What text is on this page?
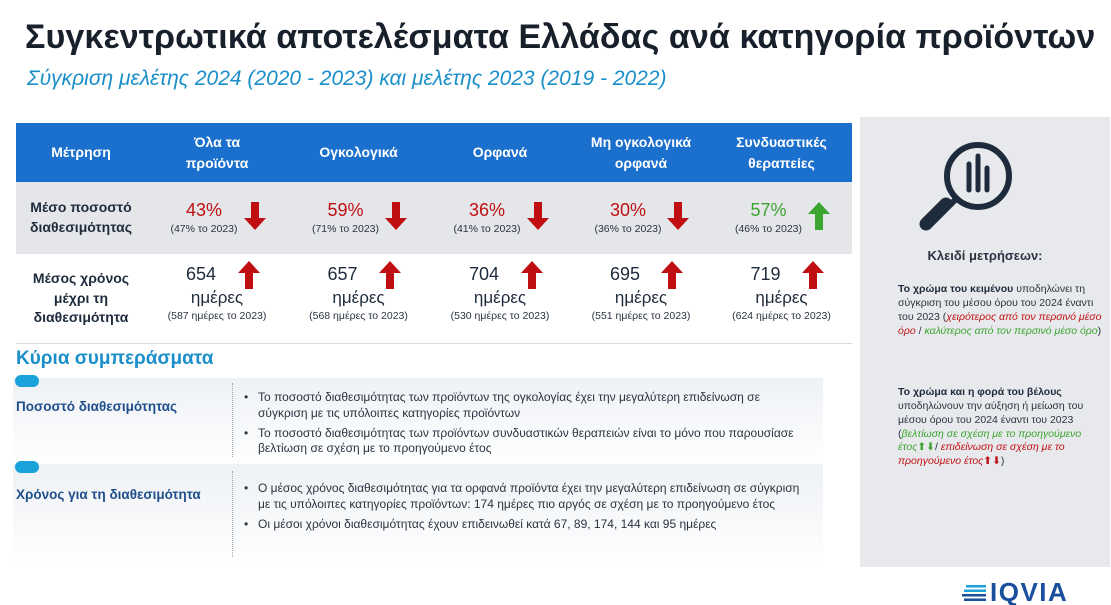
Συγκεντρωτικά αποτελέσματα Ελλάδας ανά κατηγορία προϊόντων
Σύγκριση μελέτης 2024 (2020 - 2023) και μελέτης 2023 (2019 - 2022)
Μέτρηση
Όλα τα
προϊόντα
Ογκολογικά	Ορφανά
Μη ογκολογικά
ορφανά
Συνδυαστικές
θεραπείες
Μέσο ποσοστό
διαθεσιμότητας
43%
(47% το 2023)
59%
(71% το 2023)
36%
(41% το 2023)
30%
(36% το 2023)
57%
(46% το 2023)
Μέσος χρόνος
μέχρι τη
διαθεσιμότητα
654
ημέρες
(587 ημέρες το 2023)
657
ημέρες
(568 ημέρες το 2023)
704
ημέρες
(530 ημέρες το 2023)
695
ημέρες
(551 ημέρες το 2023)
719
ημέρες
(624 ημέρες το 2023)
Κύρια συμπεράσματα
Ποσοστό διαθεσιμότητας
• Το ποσοστό διαθεσιμότητας των προϊόντων της ογκολογίας έχει την μεγαλύτερη επιδείνωση σε σύγκριση με τις υπόλοιπες κατηγορίες προϊόντων
• Το ποσοστό διαθεσιμότητας των προϊόντων συνδυαστικών θεραπειών είναι το μόνο που παρουσίασε βελτίωση σε σχέση με το προηγούμενο έτος
Χρόνος για τη διαθεσιμότητα
•	Ο μέσος χρόνος διαθεσιμότητας για τα ορφανά προϊόντα έχει την μεγαλύτερη επιδείνωση σε σύγκριση με τις υπόλοιπες κατηγορίες προϊόντων: 174 ημέρες πιο αργός σε σχέση με το προηγούμενο έτος
• Οι μέσοι χρόνοι διαθεσιμότητας έχουν επιδεινωθεί κατά 67, 89, 174, 144 και 95 ημέρες
Κλειδί μετρήσεων:
Το χρώμα του κειμένου υποδηλώνει τη σύγκριση του μέσου όρου του 2024 έναντι του 2023 (χειρότερος από τον περσινό μέσο όρο / καλύτερος από τον περσινό μέσο όρο)
Το χρώμα και η φορά του βέλους υποδηλώνουν την αύξηση ή μείωση του μέσου όρου του 2024 έναντι του 2023 (βελτίωση σε σχέση με το προηγούμενο έτος⬆⬇/ επιδείνωση σε σχέση με το προηγούμενο έτος⬆⬇)
IQVIA
